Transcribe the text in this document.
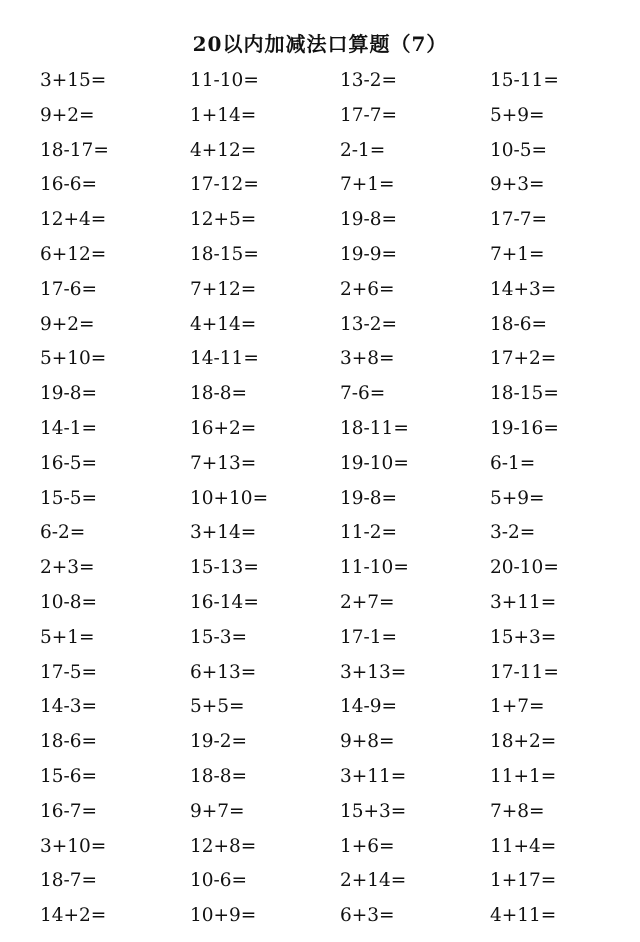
20以内加减法口算题（7）
3+15=	11-10=	13-2=	15-11=
9+2=	1+14=	17-7=	5+9=
18-17=	4+12=	2-1=	10-5=
16-6=	17-12=	7+1=	9+3=
12+4=	12+5=	19-8=	17-7=
6+12=	18-15=	19-9=	7+1=
17-6=	7+12=	2+6=	14+3=
9+2=	4+14=	13-2=	18-6=
5+10=	14-11=	3+8=	17+2=
19-8=	18-8=	7-6=	18-15=
14-1=	16+2=	18-11=	19-16=
16-5=	7+13=	19-10=	6-1=
15-5=	10+10=	19-8=	5+9=
6-2=	3+14=	11-2=	3-2=
2+3=	15-13=	11-10=	20-10=
10-8=	16-14=	2+7=	3+11=
5+1=	15-3=	17-1=	15+3=
17-5=	6+13=	3+13=	17-11=
14-3=	5+5=	14-9=	1+7=
18-6=	19-2=	9+8=	18+2=
15-6=	18-8=	3+11=	11+1=
16-7=	9+7=	15+3=	7+8=
3+10=	12+8=	1+6=	11+4=
18-7=	10-6=	2+14=	1+17=
14+2=	10+9=	6+3=	4+11=
